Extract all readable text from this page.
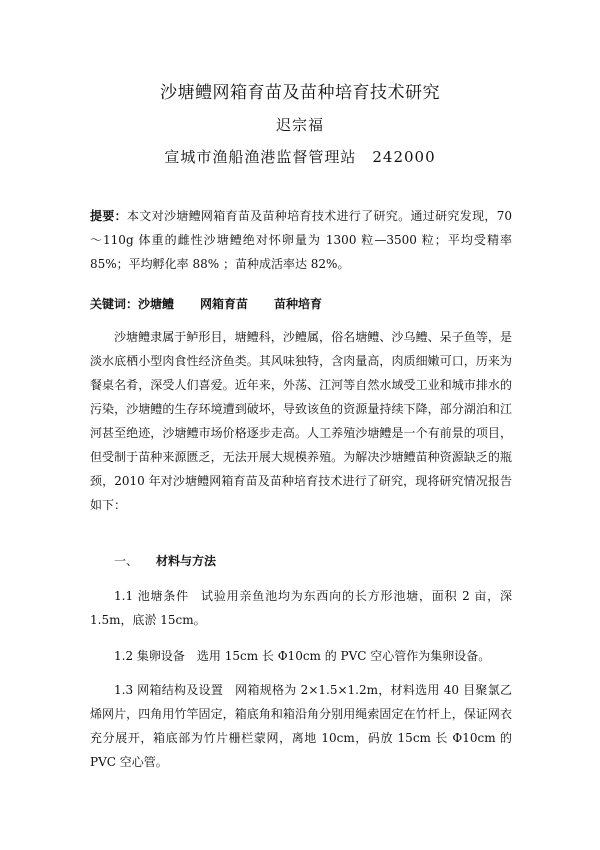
沙塘鳢网箱育苗及苗种培育技术研究
迟宗福
宣城市渔船渔港监督管理站 242000
提要：本文对沙塘鳢网箱育苗及苗种培育技术进行了研究。通过研究发现，70～110g 体重的雌性沙塘鳢绝对怀卵量为 1300 粒—3500 粒；平均受精率 85%；平均孵化率 88% ；苗种成活率达 82%。
关键词：沙塘鳢 网箱育苗 苗种培育
沙塘鳢隶属于鲈形目，塘鳢科，沙鳢属，俗名塘鳢、沙乌鳢、呆子鱼等，是淡水底栖小型肉食性经济鱼类。其风味独特，含肉量高，肉质细嫩可口，历来为餐桌名肴，深受人们喜爱。近年来，外荡、江河等自然水域受工业和城市排水的污染，沙塘鳢的生存环境遭到破坏，导致该鱼的资源量持续下降，部分湖泊和江河甚至绝迹，沙塘鳢市场价格逐步走高。人工养殖沙塘鳢是一个有前景的项目，但受制于苗种来源匮乏，无法开展大规模养殖。为解决沙塘鳢苗种资源缺乏的瓶颈，2010 年对沙塘鳢网箱育苗及苗种培育技术进行了研究，现将研究情况报告如下：
一、 材料与方法
1.1 池塘条件 试验用亲鱼池均为东西向的长方形池塘，面积 2 亩，深 1.5m，底淤 15cm。
1.2 集卵设备 选用 15cm 长 Φ10cm 的 PVC 空心管作为集卵设备。
1.3 网箱结构及设置 网箱规格为 2×1.5×1.2m，材料选用 40 目聚氯乙烯网片，四角用竹竿固定，箱底角和箱沿角分别用绳索固定在竹杆上，保证网衣充分展开，箱底部为竹片栅栏蒙网，离地 10cm，码放 15cm 长 Φ10cm 的 PVC 空心管。
